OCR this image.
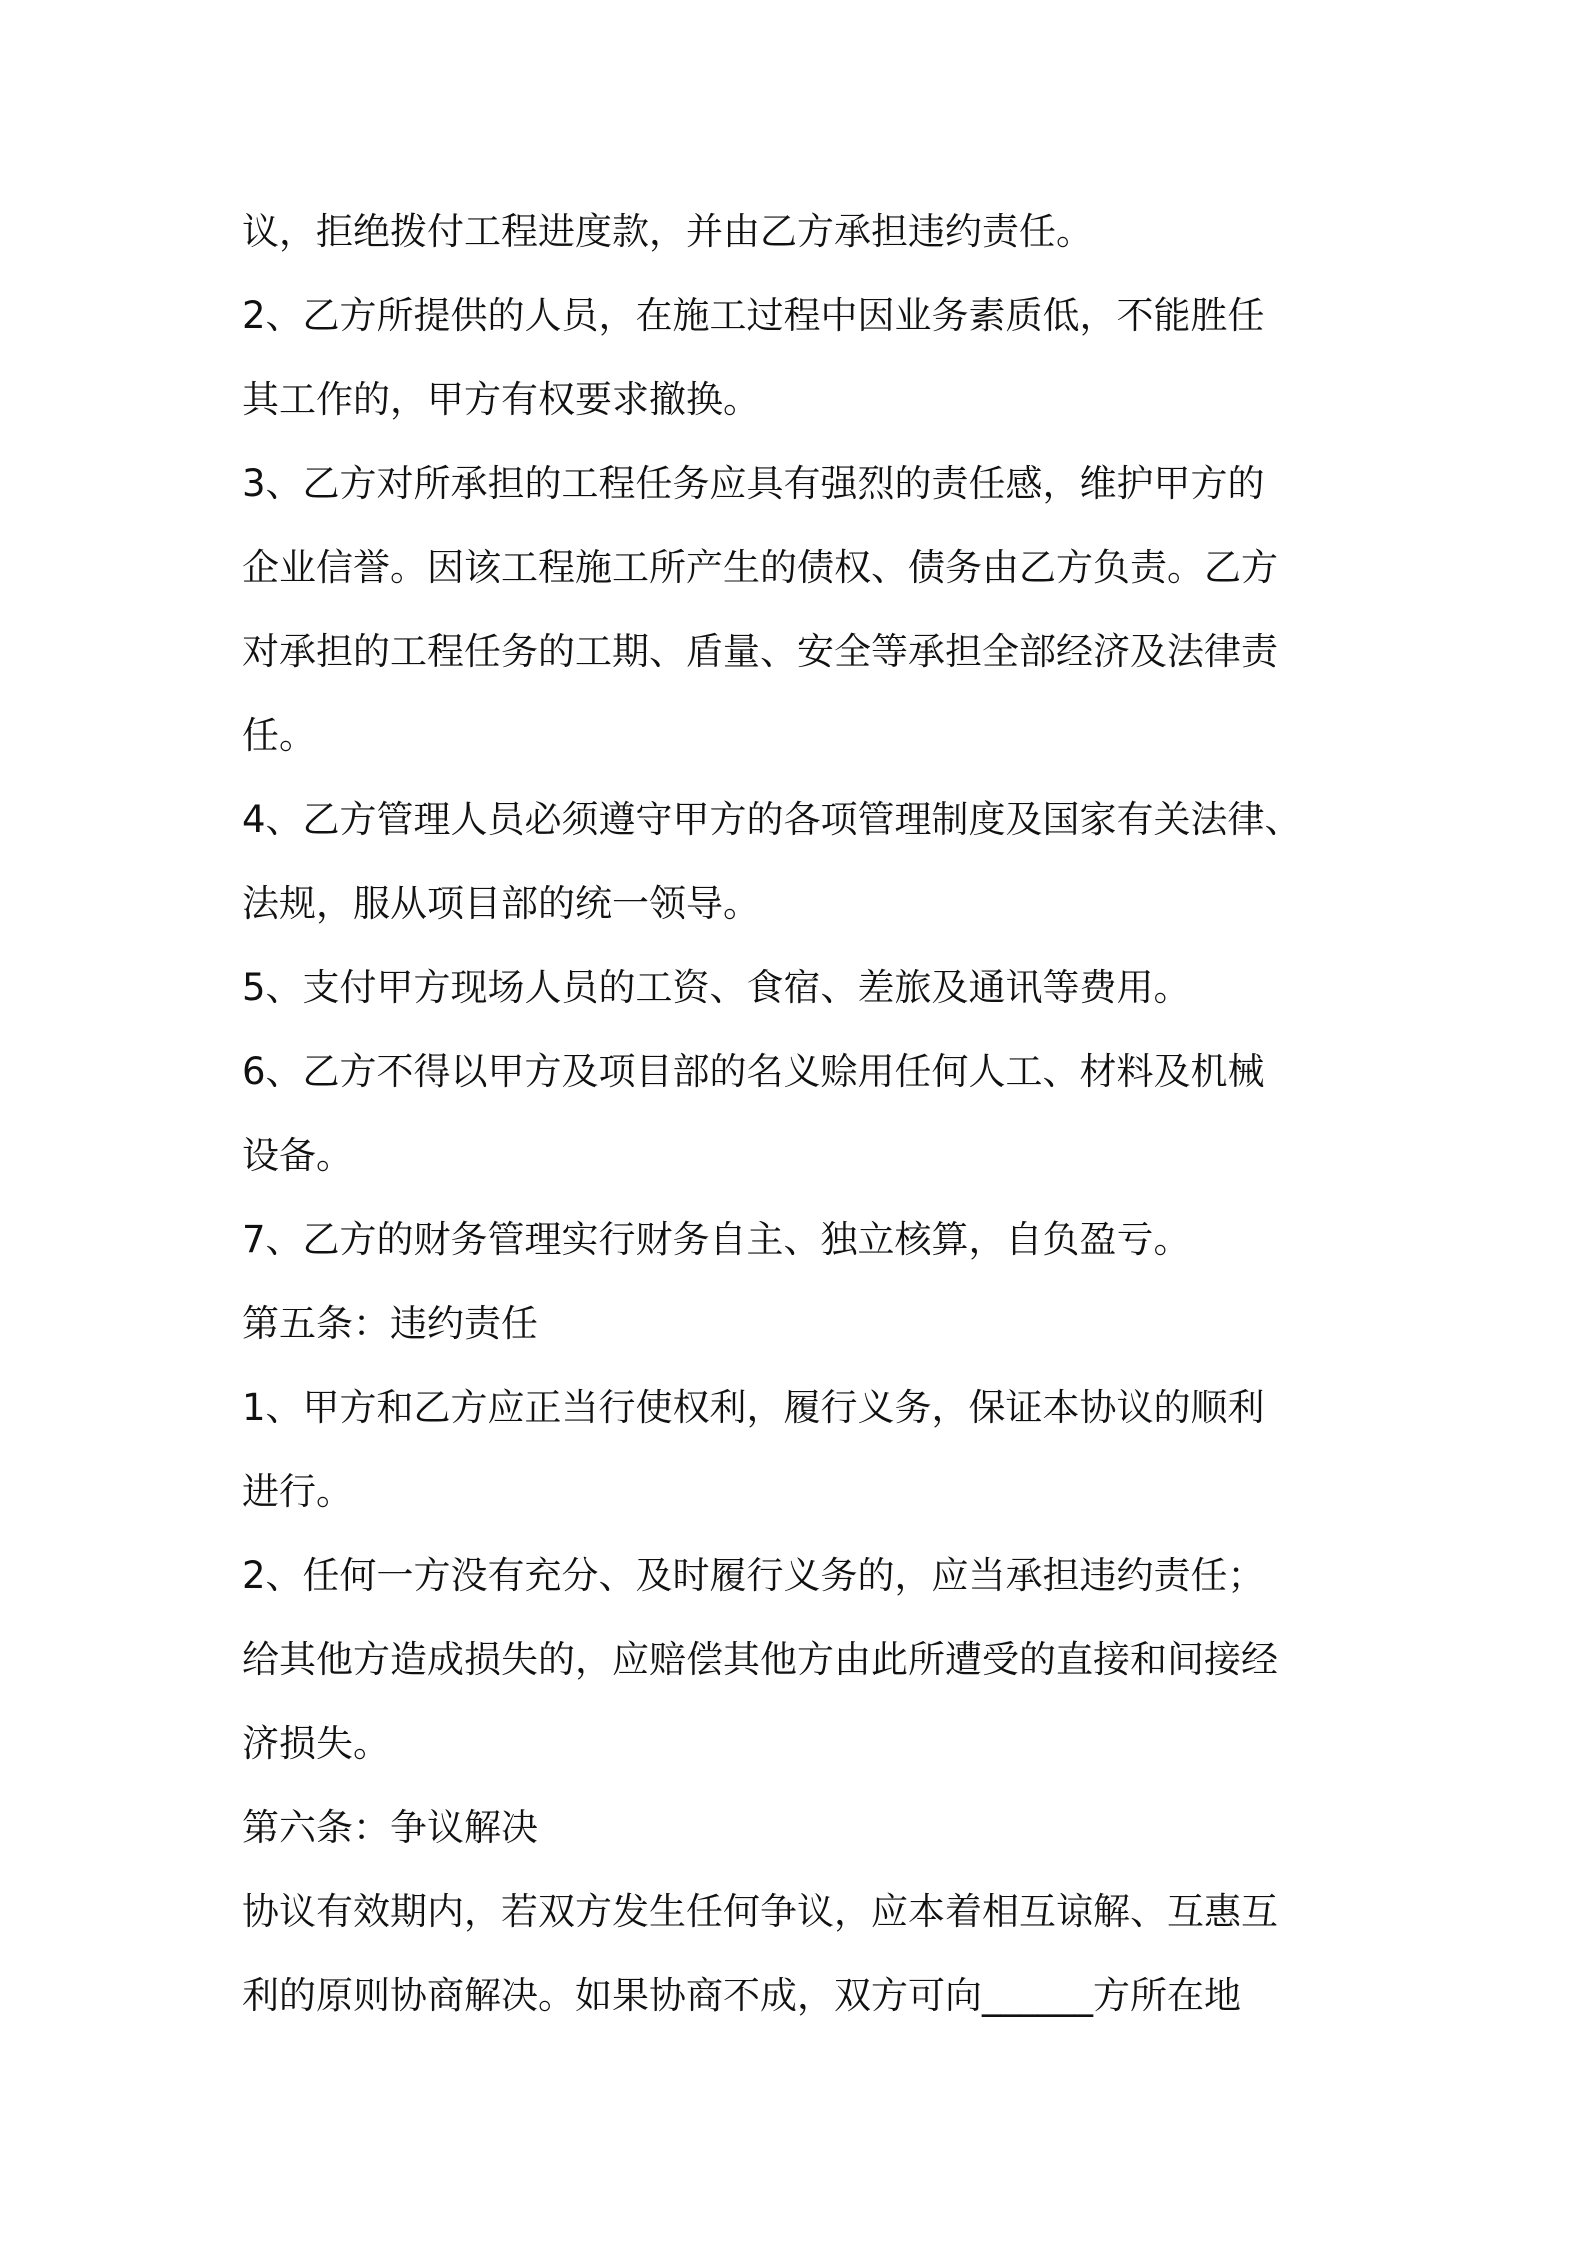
议，拒绝拨付工程进度款，并由乙方承担违约责任。
2、乙方所提供的人员，在施工过程中因业务素质低，不能胜任
其工作的，甲方有权要求撤换。
3、乙方对所承担的工程任务应具有强烈的责任感，维护甲方的
企业信誉。因该工程施工所产生的债权、债务由乙方负责。乙方
对承担的工程任务的工期、盾量、安全等承担全部经济及法律责
任。
4、乙方管理人员必须遵守甲方的各项管理制度及国家有关法律、
法规，服从项目部的统一领导。
5、支付甲方现场人员的工资、食宿、差旅及通讯等费用。
6、乙方不得以甲方及项目部的名义赊用任何人工、材料及机械
设备。
7、乙方的财务管理实行财务自主、独立核算，自负盈亏。
第五条：违约责任
1、甲方和乙方应正当行使权利，履行义务，保证本协议的顺利
进行。
2、任何一方没有充分、及时履行义务的，应当承担违约责任；
给其他方造成损失的，应赔偿其他方由此所遭受的直接和间接经
济损失。
第六条：争议解决
协议有效期内，若双方发生任何争议，应本着相互谅解、互惠互
利的原则协商解决。如果协商不成，双方可向______方所在地
